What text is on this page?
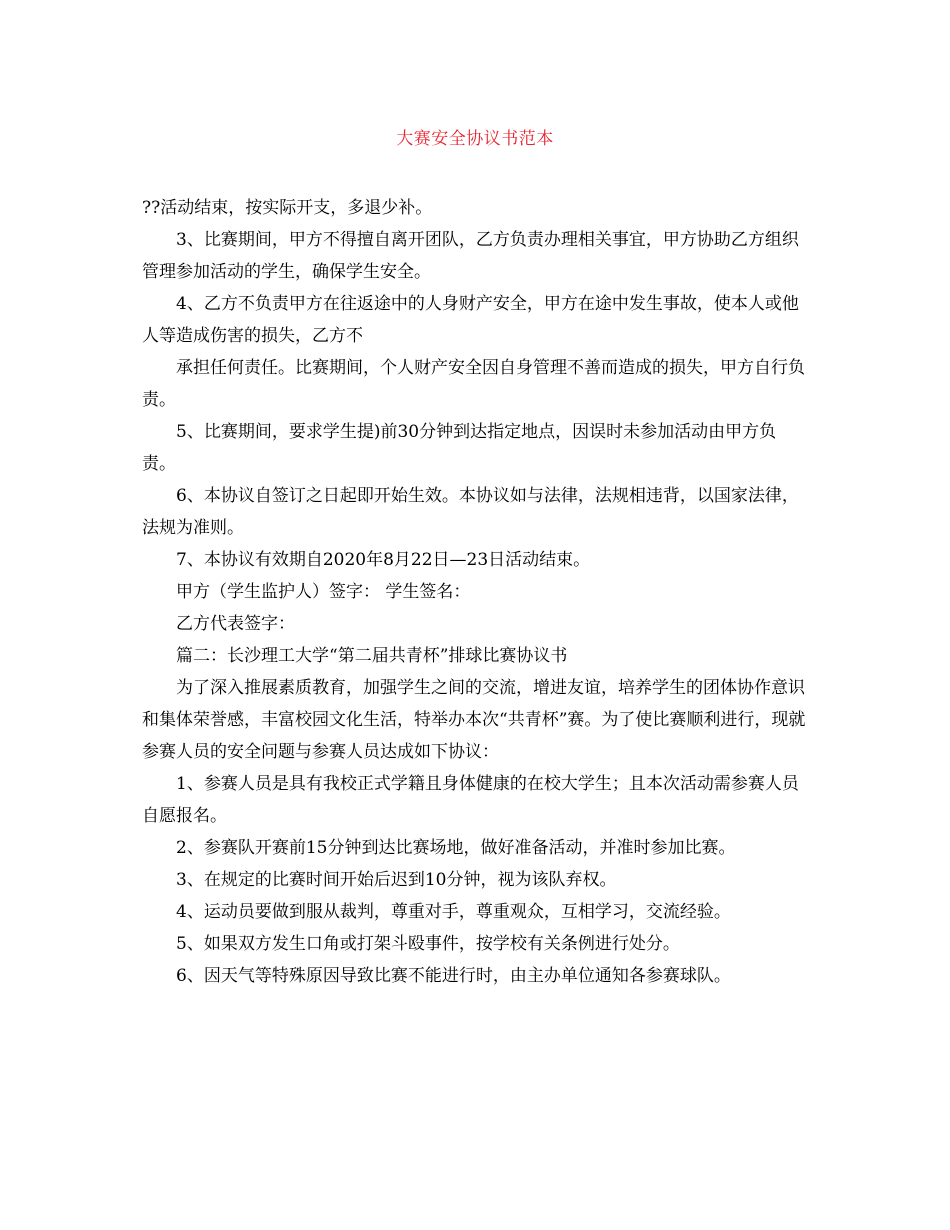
大赛安全协议书范本

??活动结束，按实际开支，多退少补。

3、比赛期间，甲方不得擅自离开团队，乙方负责办理相关事宜，甲方协助乙方组织管理参加活动的学生，确保学生安全。

4、乙方不负责甲方在往返途中的人身财产安全，甲方在途中发生事故，使本人或他人等造成伤害的损失，乙方不

承担任何责任。比赛期间，个人财产安全因自身管理不善而造成的损失，甲方自行负责。

5、比赛期间，要求学生提)前30分钟到达指定地点，因误时未参加活动由甲方负责。

6、本协议自签订之日起即开始生效。本协议如与法律，法规相违背，以国家法律，法规为准则。

7、本协议有效期自2020年8月22日—23日活动结束。

甲方（学生监护人）签字： 学生签名：

乙方代表签字：

篇二：长沙理工大学“第二届共青杯”排球比赛协议书

为了深入推展素质教育，加强学生之间的交流，增进友谊，培养学生的团体协作意识和集体荣誉感，丰富校园文化生活，特举办本次“共青杯”赛。为了使比赛顺利进行，现就参赛人员的安全问题与参赛人员达成如下协议：

1、参赛人员是具有我校正式学籍且身体健康的在校大学生；且本次活动需参赛人员自愿报名。

2、参赛队开赛前15分钟到达比赛场地，做好准备活动，并准时参加比赛。

3、在规定的比赛时间开始后迟到10分钟，视为该队弃权。

4、运动员要做到服从裁判，尊重对手，尊重观众，互相学习，交流经验。

5、如果双方发生口角或打架斗殴事件，按学校有关条例进行处分。

6、因天气等特殊原因导致比赛不能进行时，由主办单位通知各参赛球队。
